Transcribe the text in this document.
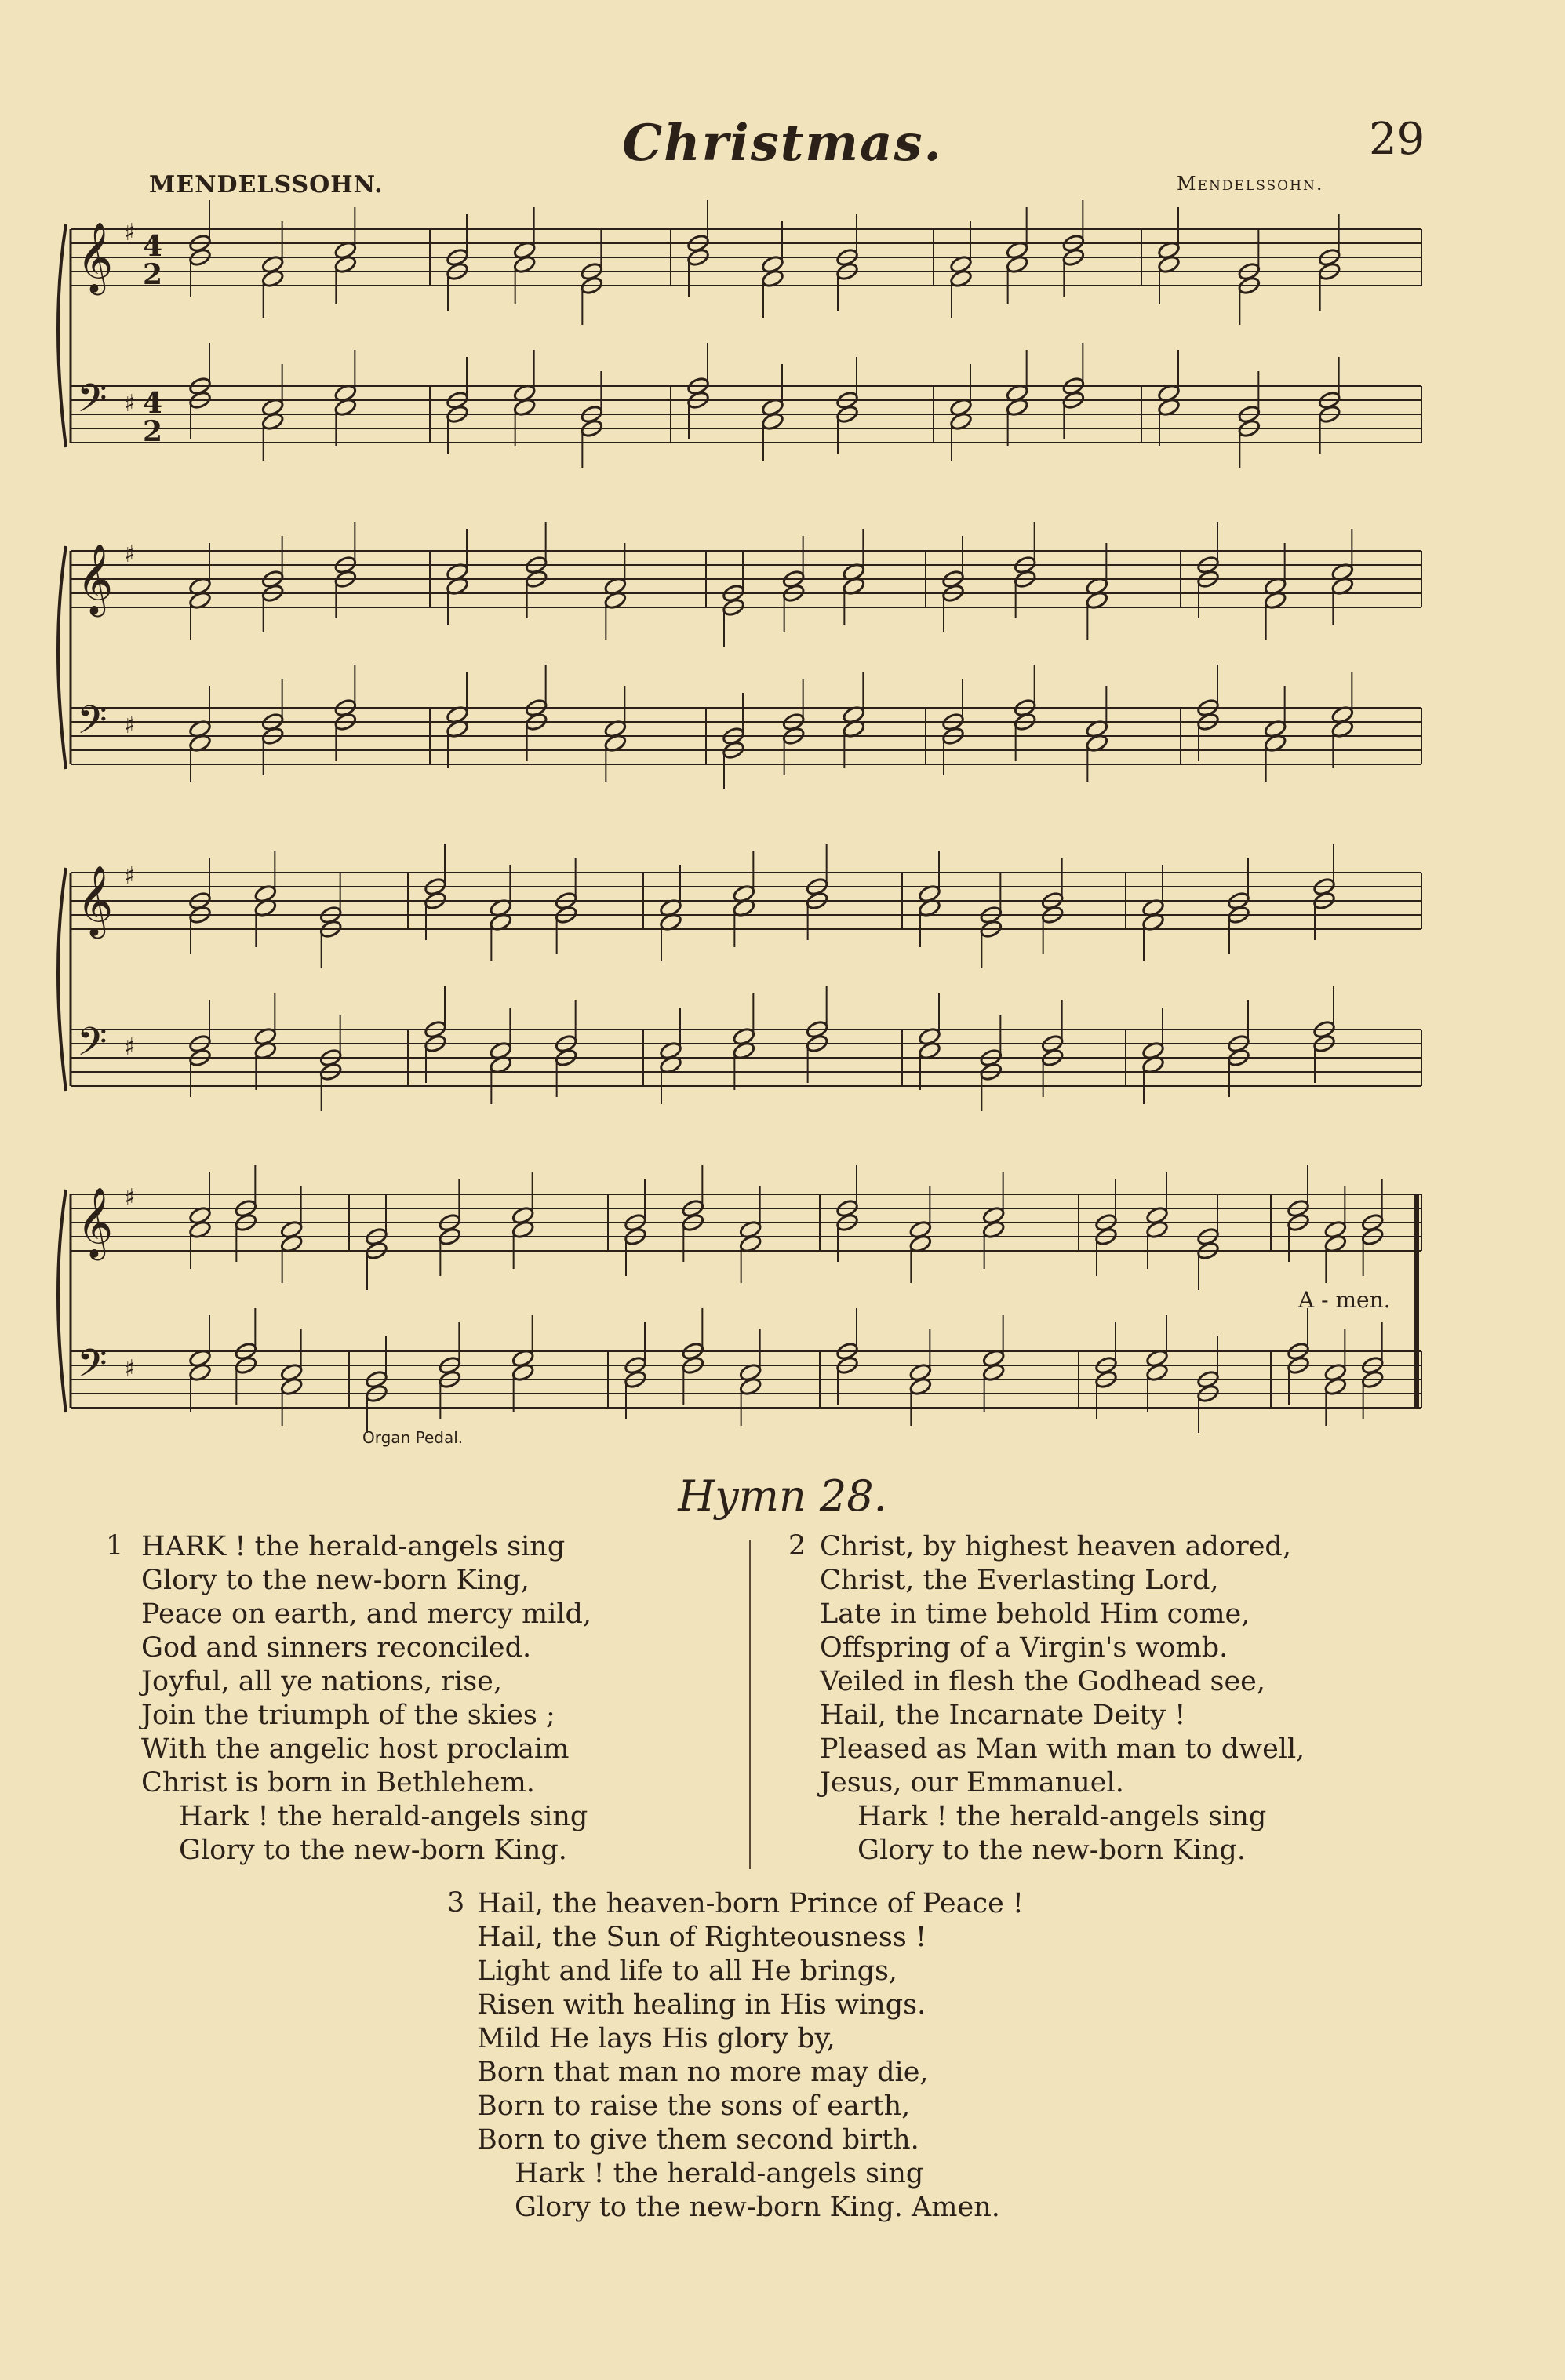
Christmas.	29
MENDELSSOHN.	Mendelssohn.
𝄞 ♯ 4
2
𝄢 ♯ 4
2
𝄞 ♯
𝄢 ♯
𝄞 ♯
𝄢 ♯
𝄞 ♯
𝄢 ♯
A - men.
Organ Pedal.
Hymn 28.
1 HARK ! the herald-angels sing
Glory to the new-born King,
Peace on earth, and mercy mild,
God and sinners reconciled.
Joyful, all ye nations, rise,
Join the triumph of the skies ;
With the angelic host proclaim
Christ is born in Bethlehem.
Hark ! the herald-angels sing
Glory to the new-born King.
2 Christ, by highest heaven adored,
Christ, the Everlasting Lord,
Late in time behold Him come,
Offspring of a Virgin's womb.
Veiled in flesh the Godhead see,
Hail, the Incarnate Deity !
Pleased as Man with man to dwell,
Jesus, our Emmanuel.
Hark ! the herald-angels sing
Glory to the new-born King.
3 Hail, the heaven-born Prince of Peace !
Hail, the Sun of Righteousness !
Light and life to all He brings,
Risen with healing in His wings.
Mild He lays His glory by,
Born that man no more may die,
Born to raise the sons of earth,
Born to give them second birth.
Hark ! the herald-angels sing
Glory to the new-born King. Amen.
